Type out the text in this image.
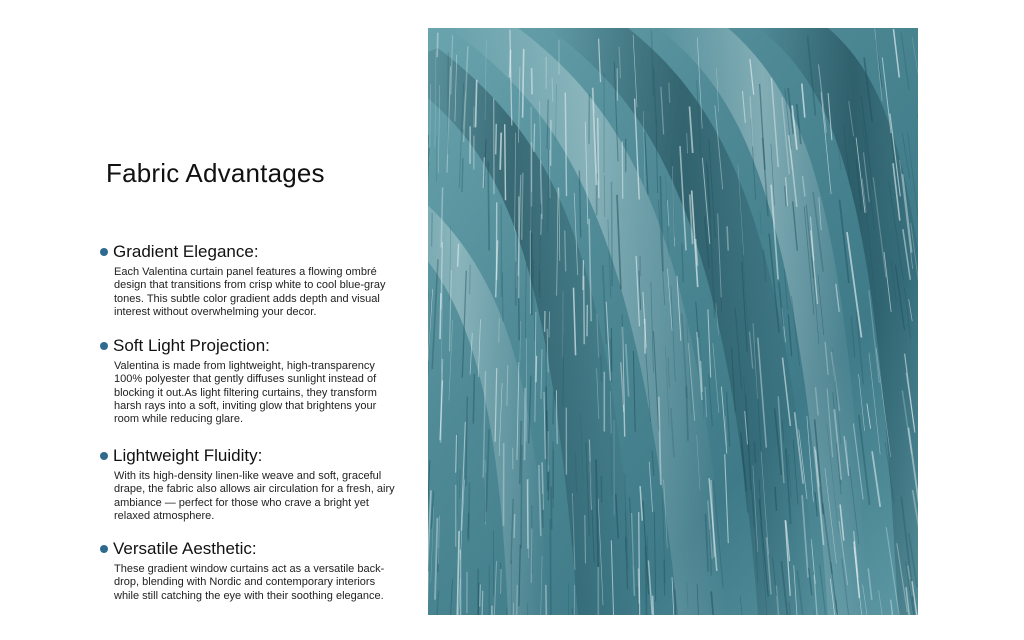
Fabric Advantages
Gradient Elegance:

Each Valentina curtain panel features a flowing ombré design that transitions from crisp white to cool blue-gray tones. This subtle color gradient adds depth and visual interest without overwhelming your decor.

Soft Light Projection:

Valentina is made from lightweight, high-transparency 100% polyester that gently diffuses sunlight instead of blocking it out.As light filtering curtains, they transform harsh rays into a soft, inviting glow that brightens your room while reducing glare.

Lightweight Fluidity:

With its high-density linen-like weave and soft, graceful drape, the fabric also allows air circulation for a fresh, airy ambiance — perfect for those who crave a bright yet relaxed atmosphere.

Versatile Aesthetic:

These gradient window curtains act as a versatile back-drop, blending with Nordic and contemporary interiors while still catching the eye with their soothing elegance.
